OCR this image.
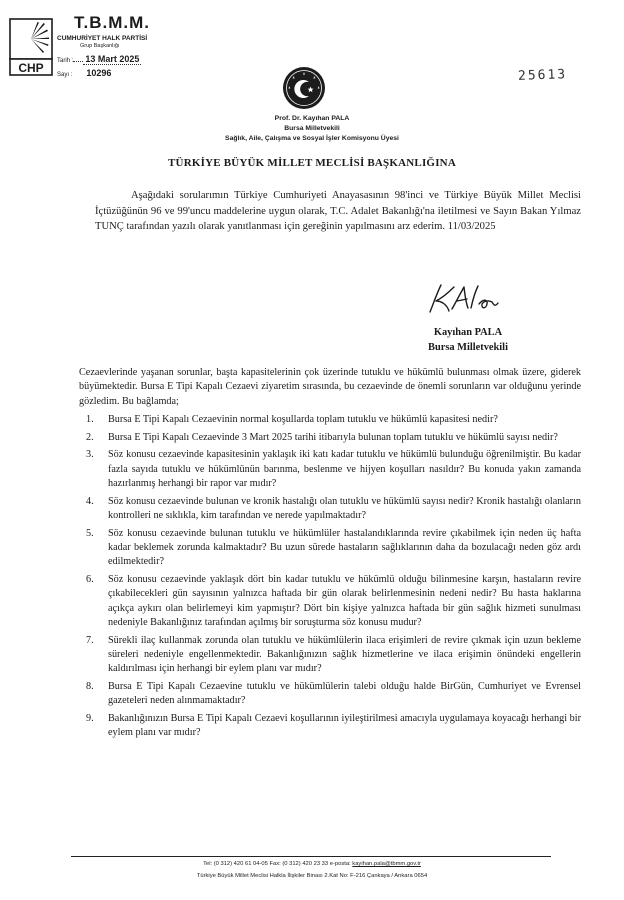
CHP
T.B.M.M.
CUMHURİYET HALK PARTİSİ
Grup Başkanlığı
Tarih : 13 Mart 2025
Sayı : 10296	25613
Prof. Dr. Kayıhan PALA
Bursa Milletvekili
Sağlık, Aile, Çalışma ve Sosyal İşler Komisyonu Üyesi
TÜRKİYE BÜYÜK MİLLET MECLİSİ BAŞKANLIĞINA

Aşağıdaki sorularımın Türkiye Cumhuriyeti Anayasasının 98'inci ve Türkiye Büyük Millet Meclisi İçtüzüğünün 96 ve 99'uncu maddelerine uygun olarak, T.C. Adalet Bakanlığı'na iletilmesi ve Sayın Bakan Yılmaz TUNÇ tarafından yazılı olarak yanıtlanması için gereğinin yapılmasını arz ederim. 11/03/2025

Kayıhan PALA
Bursa Milletvekili

Cezaevlerinde yaşanan sorunlar, başta kapasitelerinin çok üzerinde tutuklu ve hükümlü bulunması olmak üzere, giderek büyümektedir. Bursa E Tipi Kapalı Cezaevi ziyaretim sırasında, bu cezaevinde de önemli sorunların var olduğunu yerinde gözledim. Bu bağlamda;

1. Bursa E Tipi Kapalı Cezaevinin normal koşullarda toplam tutuklu ve hükümlü kapasitesi nedir?
2. Bursa E Tipi Kapalı Cezaevinde 3 Mart 2025 tarihi itibarıyla bulunan toplam tutuklu ve hükümlü sayısı nedir?
3. Söz konusu cezaevinde kapasitesinin yaklaşık iki katı kadar tutuklu ve hükümlü bulunduğu öğrenilmiştir. Bu kadar fazla sayıda tutuklu ve hükümlünün barınma, beslenme ve hijyen koşulları nasıldır? Bu konuda yakın zamanda hazırlanmış herhangi bir rapor var mıdır?
4. Söz konusu cezaevinde bulunan ve kronik hastalığı olan tutuklu ve hükümlü sayısı nedir? Kronik hastalığı olanların kontrolleri ne sıklıkla, kim tarafından ve nerede yapılmaktadır?
5. Söz konusu cezaevinde bulunan tutuklu ve hükümlüler hastalandıklarında revire çıkabilmek için neden üç hafta kadar beklemek zorunda kalmaktadır? Bu uzun sürede hastaların sağlıklarının daha da bozulacağı neden göz ardı edilmektedir?
6. Söz konusu cezaevinde yaklaşık dört bin kadar tutuklu ve hükümlü olduğu bilinmesine karşın, hastaların revire çıkabilecekleri gün sayısının yalnızca haftada bir gün olarak belirlenmesinin nedeni nedir? Bu hasta haklarına açıkça aykırı olan belirlemeyi kim yapmıştır? Dört bin kişiye yalnızca haftada bir gün sağlık hizmeti sunulması nedeniyle Bakanlığınız tarafından açılmış bir soruşturma söz konusu mudur?
7. Sürekli ilaç kullanmak zorunda olan tutuklu ve hükümlülerin ilaca erişimleri de revire çıkmak için uzun bekleme süreleri nedeniyle engellenmektedir. Bakanlığınızın sağlık hizmetlerine ve ilaca erişimin önündeki engellerin kaldırılması için herhangi bir eylem planı var mıdır?
8. Bursa E Tipi Kapalı Cezaevine tutuklu ve hükümlülerin talebi olduğu halde BirGün, Cumhuriyet ve Evrensel gazeteleri neden alınmamaktadır?
9. Bakanlığınızın Bursa E Tipi Kapalı Cezaevi koşullarının iyileştirilmesi amacıyla uygulamaya koyacağı herhangi bir eylem planı var mıdır?
Tel: (0 312) 420 61 04-05 Fax: (0 312) 420 23 33 e-posta: kayihan.pala@tbmm.gov.tr
Türkiye Büyük Millet Meclisi Halkla İlişkiler Binası 2.Kat No: F-216 Çankaya / Ankara 0654
